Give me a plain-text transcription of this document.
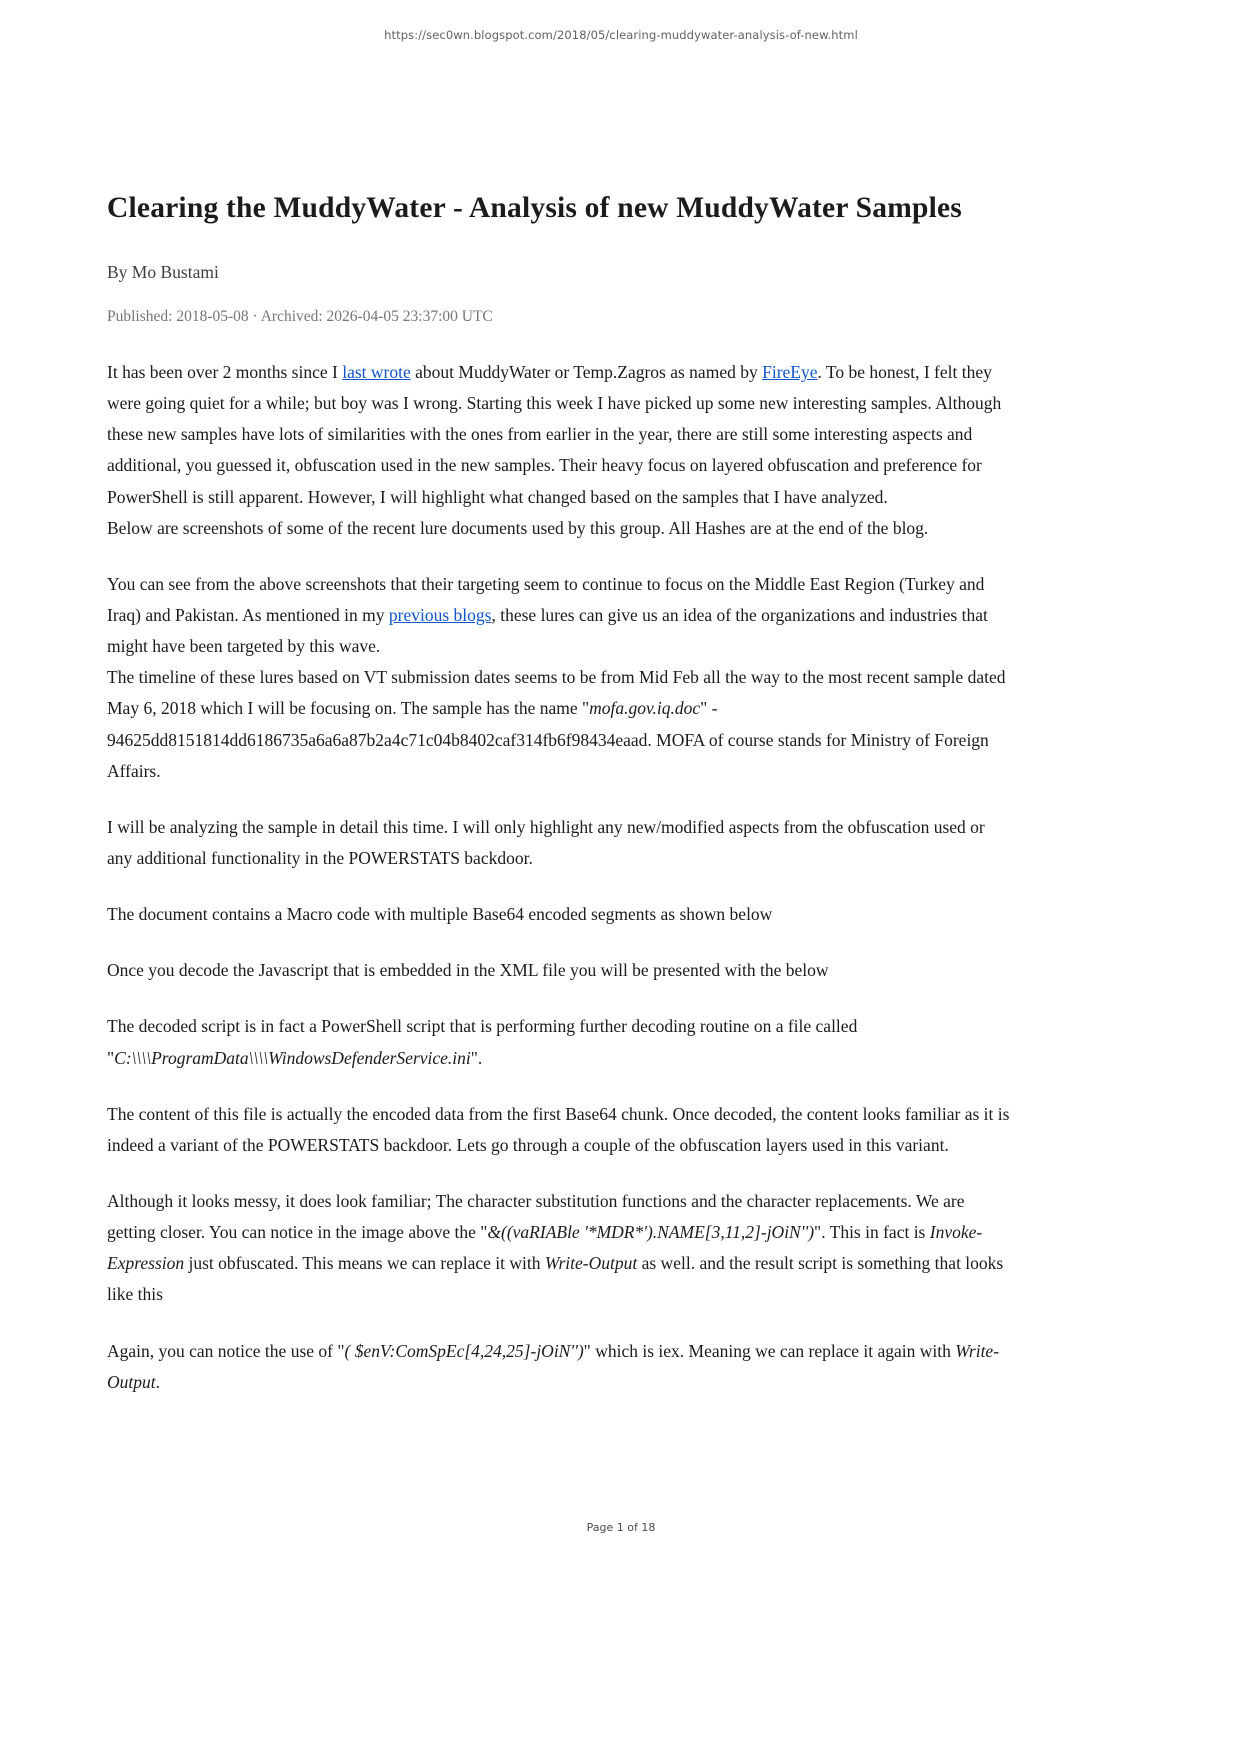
https://sec0wn.blogspot.com/2018/05/clearing-muddywater-analysis-of-new.html
Clearing the MuddyWater - Analysis of new MuddyWater Samples

By Mo Bustami

Published: 2018-05-08 · Archived: 2026-04-05 23:37:00 UTC

It has been over 2 months since I last wrote about MuddyWater or Temp.Zagros as named by FireEye. To be honest, I felt they were going quiet for a while; but boy was I wrong. Starting this week I have picked up some new interesting samples. Although these new samples have lots of similarities with the ones from earlier in the year, there are still some interesting aspects and additional, you guessed it, obfuscation used in the new samples. Their heavy focus on layered obfuscation and preference for PowerShell is still apparent. However, I will highlight what changed based on the samples that I have analyzed.
Below are screenshots of some of the recent lure documents used by this group. All Hashes are at the end of the blog.

You can see from the above screenshots that their targeting seem to continue to focus on the Middle East Region (Turkey and Iraq) and Pakistan. As mentioned in my previous blogs, these lures can give us an idea of the organizations and industries that might have been targeted by this wave.
The timeline of these lures based on VT submission dates seems to be from Mid Feb all the way to the most recent sample dated May 6, 2018 which I will be focusing on. The sample has the name "mofa.gov.iq.doc" - 94625dd8151814dd6186735a6a6a87b2a4c71c04b8402caf314fb6f98434eaad. MOFA of course stands for Ministry of Foreign Affairs.

I will be analyzing the sample in detail this time. I will only highlight any new/modified aspects from the obfuscation used or any additional functionality in the POWERSTATS backdoor.

The document contains a Macro code with multiple Base64 encoded segments as shown below

Once you decode the Javascript that is embedded in the XML file you will be presented with the below

The decoded script is in fact a PowerShell script that is performing further decoding routine on a file called "C:\\\\ProgramData\\\\WindowsDefenderService.ini".

The content of this file is actually the encoded data from the first Base64 chunk. Once decoded, the content looks familiar as it is indeed a variant of the POWERSTATS backdoor. Lets go through a couple of the obfuscation layers used in this variant.

Although it looks messy, it does look familiar; The character substitution functions and the character replacements. We are getting closer. You can notice in the image above the "&((vaRIABle '*MDR*').NAME[3,11,2]-jOiN'')". This in fact is Invoke-Expression just obfuscated. This means we can replace it with Write-Output as well. and the result script is something that looks like this

Again, you can notice the use of "( $enV:ComSpEc[4,24,25]-jOiN'')" which is iex. Meaning we can replace it again with Write-Output.

Page 1 of 18
